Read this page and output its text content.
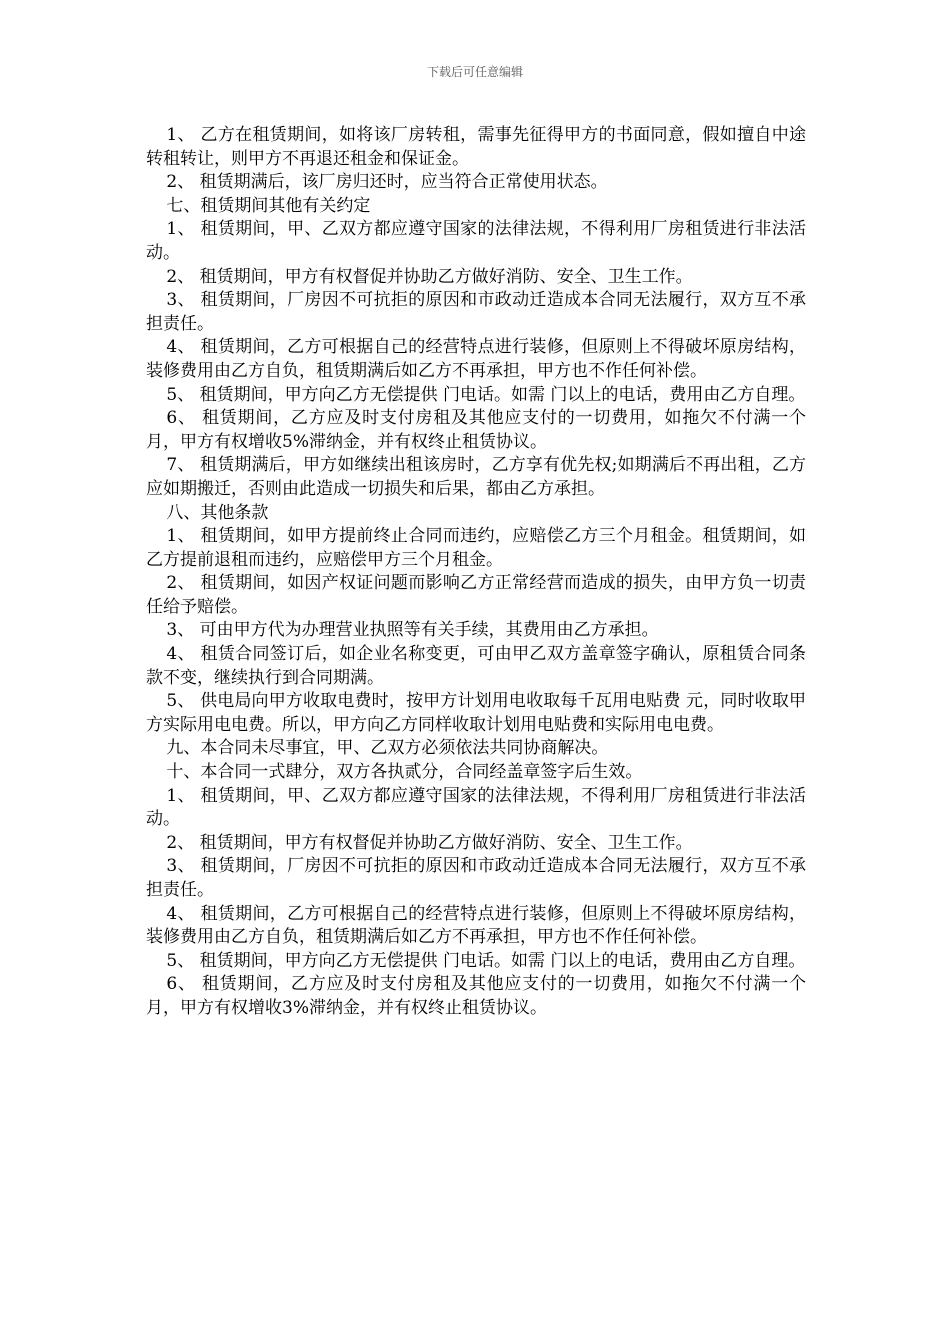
下载后可任意编辑

1、 乙方在租赁期间，如将该厂房转租，需事先征得甲方的书面同意，假如擅自中途转租转让，则甲方不再退还租金和保证金。

2、 租赁期满后，该厂房归还时，应当符合正常使用状态。

七、租赁期间其他有关约定

1、 租赁期间，甲、乙双方都应遵守国家的法律法规，不得利用厂房租赁进行非法活动。

2、 租赁期间，甲方有权督促并协助乙方做好消防、安全、卫生工作。

3、 租赁期间，厂房因不可抗拒的原因和市政动迁造成本合同无法履行，双方互不承担责任。

4、 租赁期间，乙方可根据自己的经营特点进行装修，但原则上不得破坏原房结构，装修费用由乙方自负，租赁期满后如乙方不再承担，甲方也不作任何补偿。

5、 租赁期间，甲方向乙方无偿提供 门电话。如需 门以上的电话，费用由乙方自理。

6、 租赁期间，乙方应及时支付房租及其他应支付的一切费用，如拖欠不付满一个月，甲方有权增收5%滞纳金，并有权终止租赁协议。

7、 租赁期满后，甲方如继续出租该房时，乙方享有优先权;如期满后不再出租，乙方应如期搬迁，否则由此造成一切损失和后果，都由乙方承担。

八、其他条款

1、 租赁期间，如甲方提前终止合同而违约，应赔偿乙方三个月租金。租赁期间，如乙方提前退租而违约，应赔偿甲方三个月租金。

2、 租赁期间，如因产权证问题而影响乙方正常经营而造成的损失，由甲方负一切责任给予赔偿。

3、 可由甲方代为办理营业执照等有关手续，其费用由乙方承担。

4、 租赁合同签订后，如企业名称变更，可由甲乙双方盖章签字确认，原租赁合同条款不变，继续执行到合同期满。

5、 供电局向甲方收取电费时，按甲方计划用电收取每千瓦用电贴费 元，同时收取甲方实际用电电费。所以，甲方向乙方同样收取计划用电贴费和实际用电电费。

九、本合同未尽事宜，甲、乙双方必须依法共同协商解决。

十、本合同一式肆分，双方各执贰分，合同经盖章签字后生效。

1、 租赁期间，甲、乙双方都应遵守国家的法律法规，不得利用厂房租赁进行非法活动。

2、 租赁期间，甲方有权督促并协助乙方做好消防、安全、卫生工作。

3、 租赁期间，厂房因不可抗拒的原因和市政动迁造成本合同无法履行，双方互不承担责任。

4、 租赁期间，乙方可根据自己的经营特点进行装修，但原则上不得破坏原房结构，装修费用由乙方自负，租赁期满后如乙方不再承担，甲方也不作任何补偿。

5、 租赁期间，甲方向乙方无偿提供 门电话。如需 门以上的电话，费用由乙方自理。

6、 租赁期间，乙方应及时支付房租及其他应支付的一切费用，如拖欠不付满一个月，甲方有权增收3%滞纳金，并有权终止租赁协议。
